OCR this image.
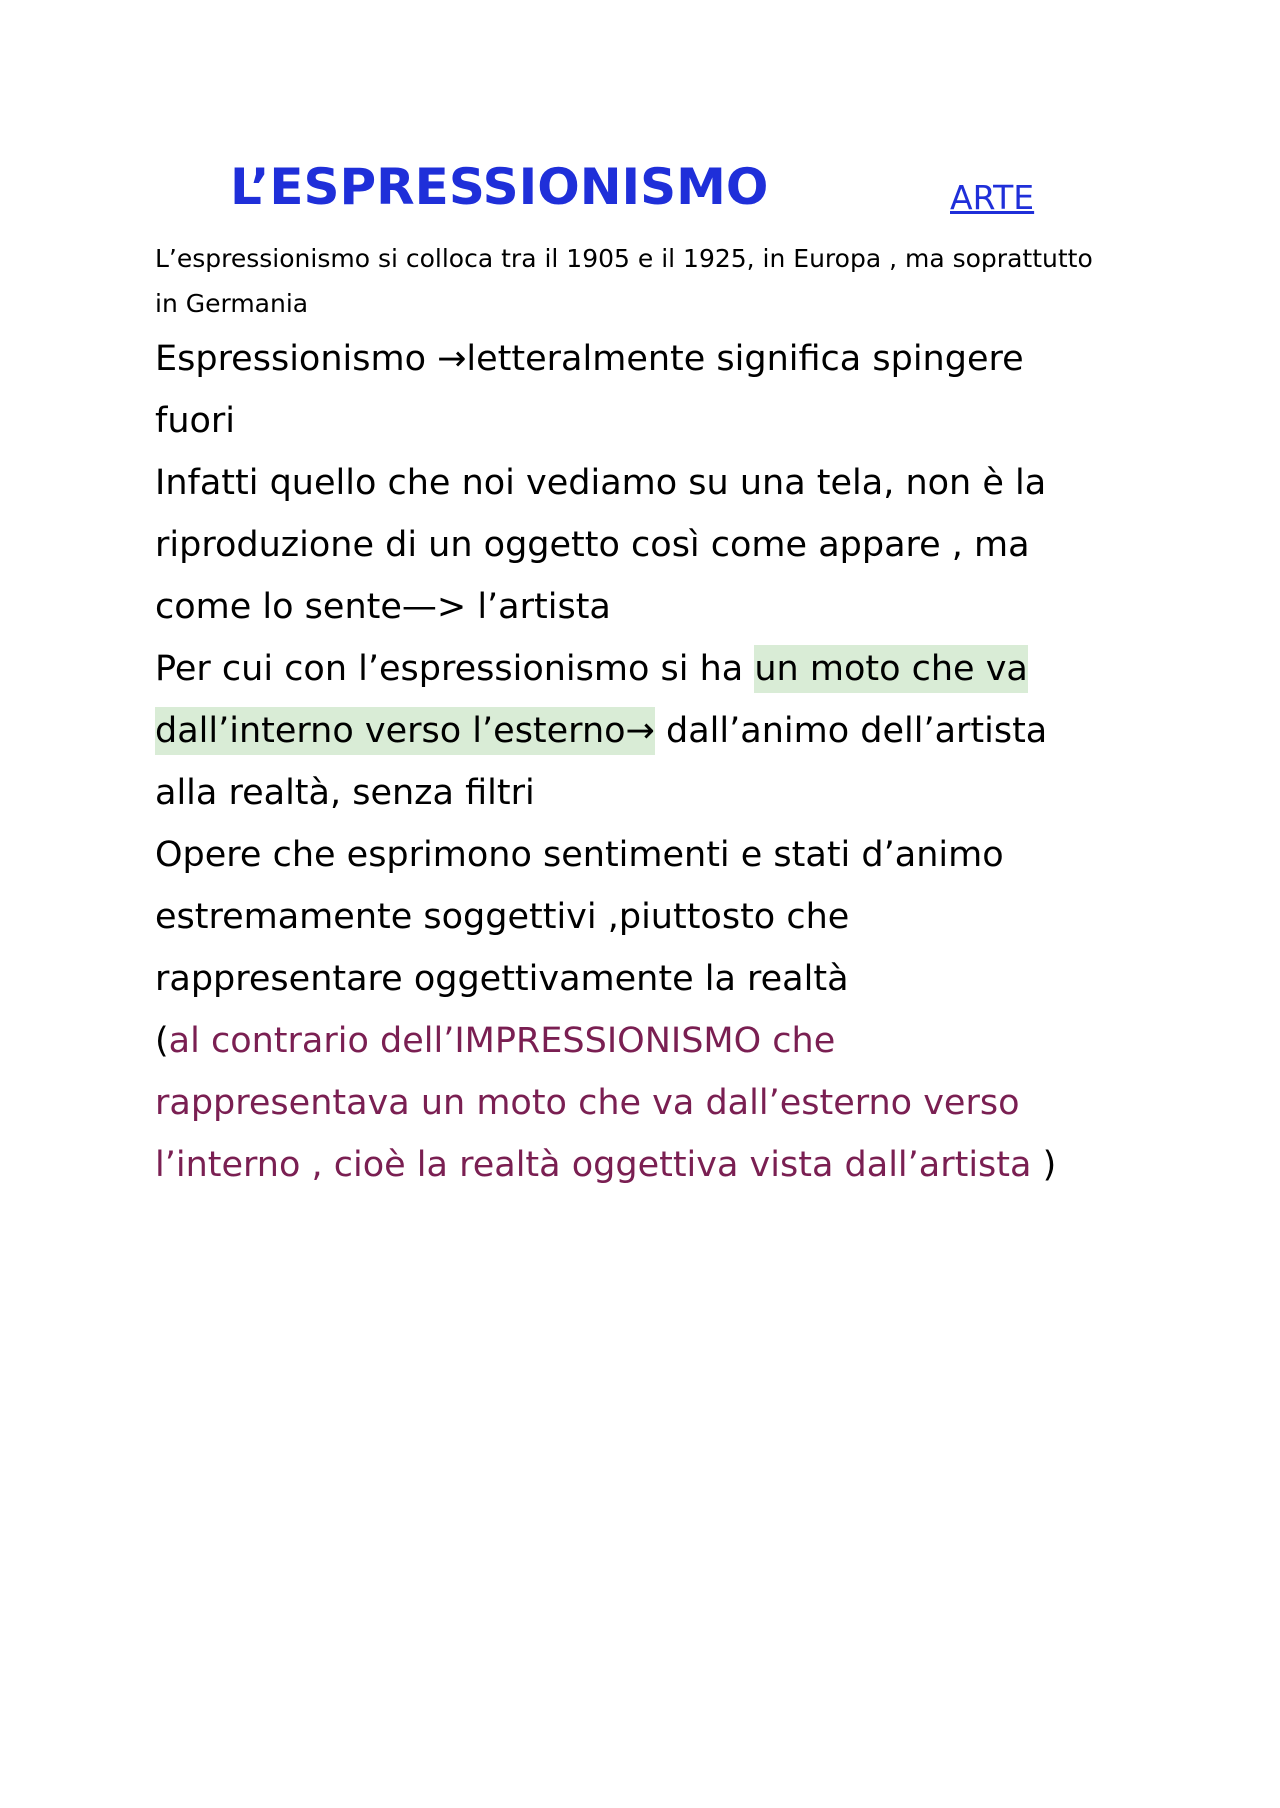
L’ESPRESSIONISMO	ARTE
L’espressionismo si colloca tra il 1905 e il 1925, in Europa , ma soprattutto
in Germania
Espressionismo →letteralmente significa spingere
fuori
Infatti quello che noi vediamo su una tela, non è la
riproduzione di un oggetto così come appare , ma
come lo sente—> l’artista
Per cui con l’espressionismo si ha un moto che va
dall’interno verso l’esterno→ dall’animo dell’artista
alla realtà, senza filtri
Opere che esprimono sentimenti e stati d’animo
estremamente soggettivi ,piuttosto che
rappresentare oggettivamente la realtà
(al contrario dell’IMPRESSIONISMO che
rappresentava un moto che va dall’esterno verso
l’interno , cioè la realtà oggettiva vista dall’artista )
